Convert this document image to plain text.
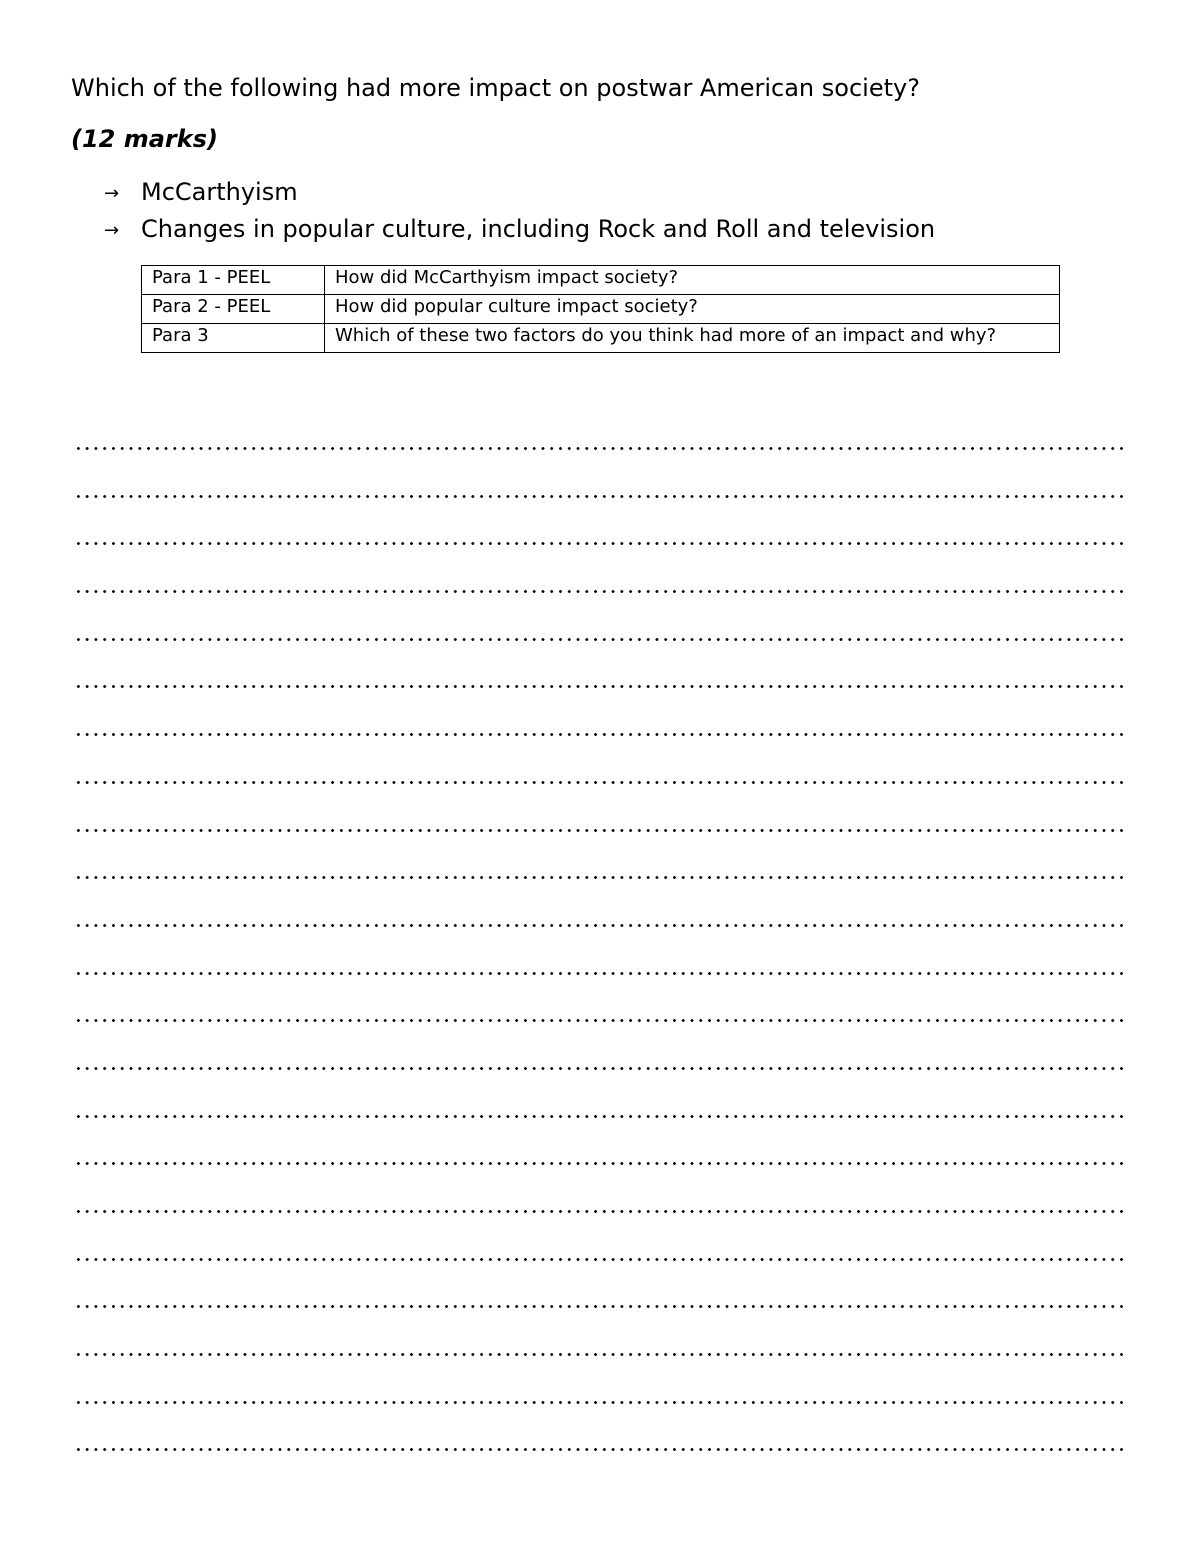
Which of the following had more impact on postwar American society?
(12 marks)
→ McCarthyism
→ Changes in popular culture, including Rock and Roll and television
Para 1 - PEEL	How did McCarthyism impact society?
Para 2 - PEEL	How did popular culture impact society?
Para 3	Which of these two factors do you think had more of an impact and why?
